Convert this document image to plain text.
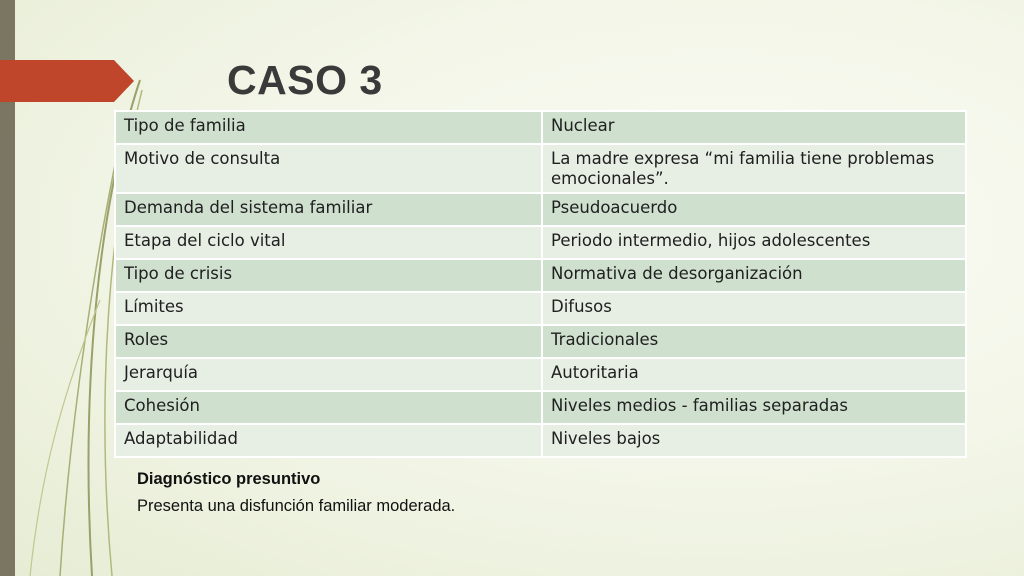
CASO 3
Tipo de familia	Nuclear
Motivo de consulta	La madre expresa “mi familia tiene problemas emocionales”.
Demanda del sistema familiar	Pseudoacuerdo
Etapa del ciclo vital	Periodo intermedio, hijos adolescentes
Tipo de crisis	Normativa de desorganización
Límites	Difusos
Roles	Tradicionales
Jerarquía	Autoritaria
Cohesión	Niveles medios - familias separadas
Adaptabilidad	Niveles bajos
Diagnóstico presuntivo
Presenta una disfunción familiar moderada.
